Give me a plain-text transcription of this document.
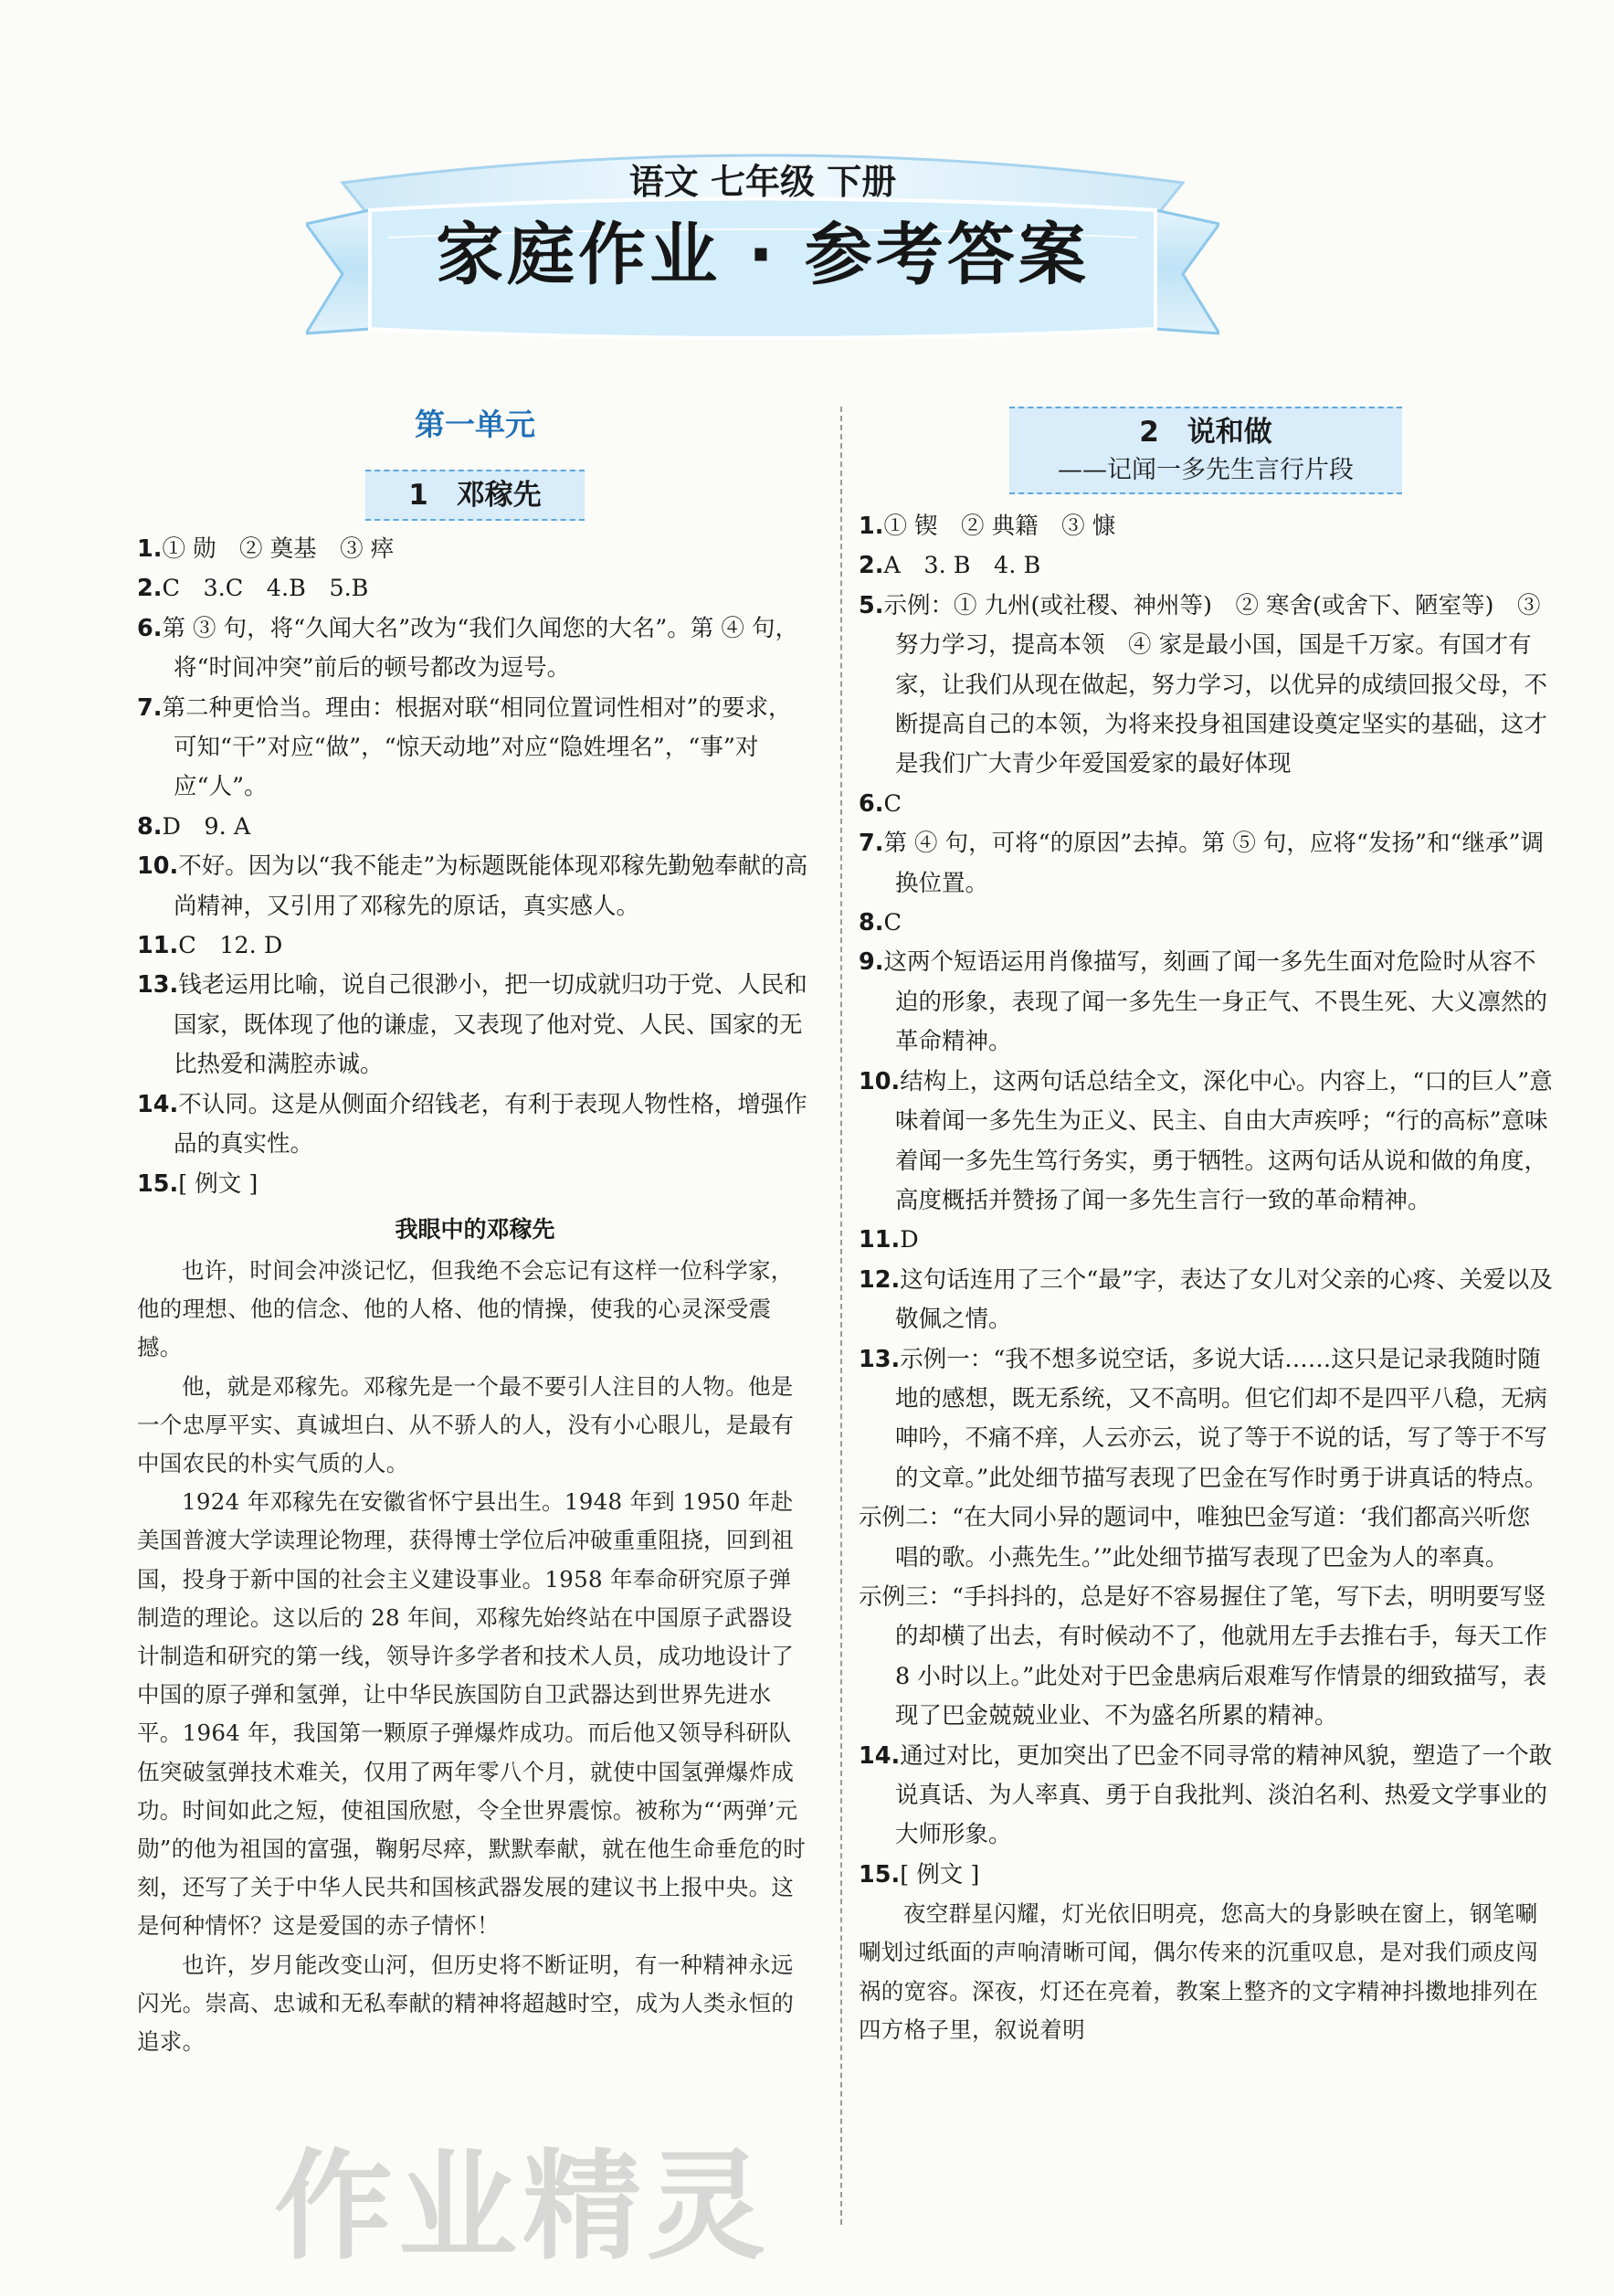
语文 七年级 下册
家庭作业 · 参考答案
第一单元
1　邓稼先

1.① 勋　② 奠基　③ 瘁

2.C　3.C　4.B　5.B

6.第 ③ 句，将“久闻大名”改为“我们久闻您的大名”。第 ④ 句，将“时间冲突”前后的顿号都改为逗号。

7.第二种更恰当。理由：根据对联“相同位置词性相对”的要求，可知“干”对应“做”，“惊天动地”对应“隐姓埋名”，“事”对应“人”。

8.D　9. A

10.不好。因为以“我不能走”为标题既能体现邓稼先勤勉奉献的高尚精神，又引用了邓稼先的原话，真实感人。

11.C　12. D

13.钱老运用比喻，说自己很渺小，把一切成就归功于党、人民和国家，既体现了他的谦虚，又表现了他对党、人民、国家的无比热爱和满腔赤诚。

14.不认同。这是从侧面介绍钱老，有利于表现人物性格，增强作品的真实性。

15.[ 例文 ]

我眼中的邓稼先

也许，时间会冲淡记忆，但我绝不会忘记有这样一位科学家，他的理想、他的信念、他的人格、他的情操，使我的心灵深受震撼。

他，就是邓稼先。邓稼先是一个最不要引人注目的人物。他是一个忠厚平实、真诚坦白、从不骄人的人，没有小心眼儿，是最有中国农民的朴实气质的人。

1924 年邓稼先在安徽省怀宁县出生。1948 年到 1950 年赴美国普渡大学读理论物理，获得博士学位后冲破重重阻挠，回到祖国，投身于新中国的社会主义建设事业。1958 年奉命研究原子弹制造的理论。这以后的 28 年间，邓稼先始终站在中国原子武器设计制造和研究的第一线，领导许多学者和技术人员，成功地设计了中国的原子弹和氢弹，让中华民族国防自卫武器达到世界先进水平。1964 年，我国第一颗原子弹爆炸成功。而后他又领导科研队伍突破氢弹技术难关，仅用了两年零八个月，就使中国氢弹爆炸成功。时间如此之短，使祖国欣慰，令全世界震惊。被称为“‘两弹’元勋”的他为祖国的富强，鞠躬尽瘁，默默奉献，就在他生命垂危的时刻，还写了关于中华人民共和国核武器发展的建议书上报中央。这是何种情怀？这是爱国的赤子情怀！

也许，岁月能改变山河，但历史将不断证明，有一种精神永远闪光。崇高、忠诚和无私奉献的精神将超越时空，成为人类永恒的追求。

2　说和做
——记闻一多先生言行片段

1.① 锲　② 典籍　③ 慷

2.A　3. B　4. B

5.示例：① 九州(或社稷、神州等)　② 寒舍(或舍下、陋室等)　③ 努力学习，提高本领　④ 家是最小国，国是千万家。有国才有家，让我们从现在做起，努力学习，以优异的成绩回报父母，不断提高自己的本领，为将来投身祖国建设奠定坚实的基础，这才是我们广大青少年爱国爱家的最好体现

6.C

7.第 ④ 句，可将“的原因”去掉。第 ⑤ 句，应将“发扬”和“继承”调换位置。

8.C

9.这两个短语运用肖像描写，刻画了闻一多先生面对危险时从容不迫的形象，表现了闻一多先生一身正气、不畏生死、大义凛然的革命精神。

10.结构上，这两句话总结全文，深化中心。内容上，“口的巨人”意味着闻一多先生为正义、民主、自由大声疾呼；“行的高标”意味着闻一多先生笃行务实，勇于牺牲。这两句话从说和做的角度，高度概括并赞扬了闻一多先生言行一致的革命精神。

11.D

12.这句话连用了三个“最”字，表达了女儿对父亲的心疼、关爱以及敬佩之情。

13.示例一：“我不想多说空话，多说大话……这只是记录我随时随地的感想，既无系统，又不高明。但它们却不是四平八稳，无病呻吟，不痛不痒，人云亦云，说了等于不说的话，写了等于不写的文章。”此处细节描写表现了巴金在写作时勇于讲真话的特点。

示例二：“在大同小异的题词中，唯独巴金写道：‘我们都高兴听您唱的歌。小燕先生。’”此处细节描写表现了巴金为人的率真。

示例三：“手抖抖的，总是好不容易握住了笔，写下去，明明要写竖的却横了出去，有时候动不了，他就用左手去推右手，每天工作 8 小时以上。”此处对于巴金患病后艰难写作情景的细致描写，表现了巴金兢兢业业、不为盛名所累的精神。

14.通过对比，更加突出了巴金不同寻常的精神风貌，塑造了一个敢说真话、为人率真、勇于自我批判、淡泊名利、热爱文学事业的大师形象。

15.[ 例文 ]

夜空群星闪耀，灯光依旧明亮，您高大的身影映在窗上，钢笔唰唰划过纸面的声响清晰可闻，偶尔传来的沉重叹息，是对我们顽皮闯祸的宽容。深夜，灯还在亮着，教案上整齐的文字精神抖擞地排列在四方格子里，叙说着明

作业精灵
